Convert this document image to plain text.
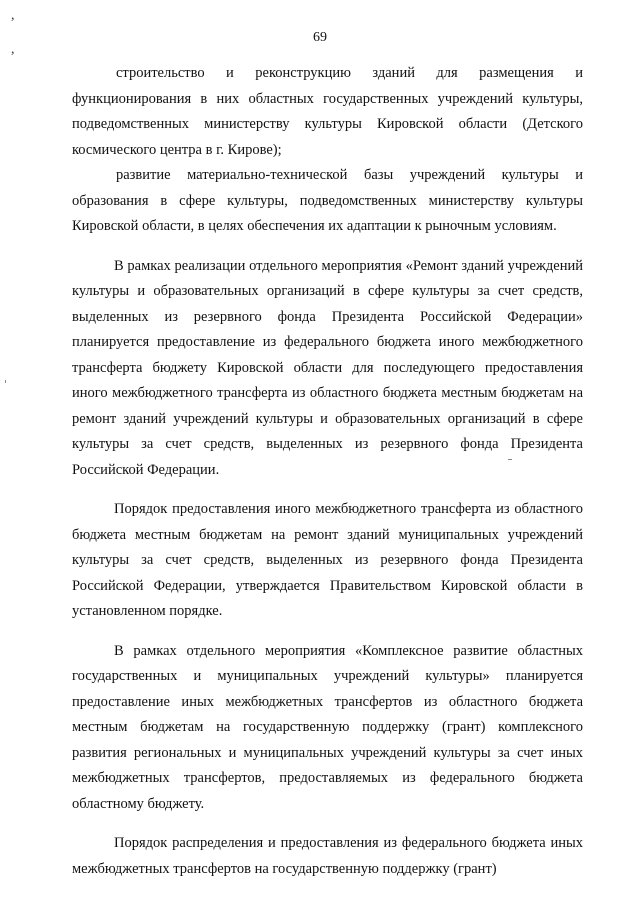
,
,
69

строительство и реконструкцию зданий для размещения и функционирования в них областных государственных учреждений культуры, подведомственных министерству культуры Кировской области (Детского космического центра в г. Кирове);

развитие материально-технической базы учреждений культуры и образования в сфере культуры, подведомственных министерству культуры Кировской области, в целях обеспечения их адаптации к рыночным условиям.

В рамках реализации отдельного мероприятия «Ремонт зданий учреждений культуры и образовательных организаций в сфере культуры за счет средств, выделенных из резервного фонда Президента Российской Федерации» планируется предоставление из федерального бюджета иного межбюджетного трансферта бюджету Кировской области для последующего предоставления иного межбюджетного трансферта из областного бюджета местным бюджетам на ремонт зданий учреждений культуры и образовательных организаций в сфере культуры за счет средств, выделенных из резервного фонда Президента Российской Федерации.

Порядок предоставления иного межбюджетного трансферта из областного бюджета местным бюджетам на ремонт зданий муниципальных учреждений культуры за счет средств, выделенных из резервного фонда Президента Российской Федерации, утверждается Правительством Кировской области в установленном порядке.

В рамках отдельного мероприятия «Комплексное развитие областных государственных и муниципальных учреждений культуры» планируется предоставление иных межбюджетных трансфертов из областного бюджета местным бюджетам на государственную поддержку (грант) комплексного развития региональных и муниципальных учреждений культуры за счет иных межбюджетных трансфертов, предоставляемых из федерального бюджета областному бюджету.

Порядок распределения и предоставления из федерального бюджета иных межбюджетных трансфертов на государственную поддержку (грант)
